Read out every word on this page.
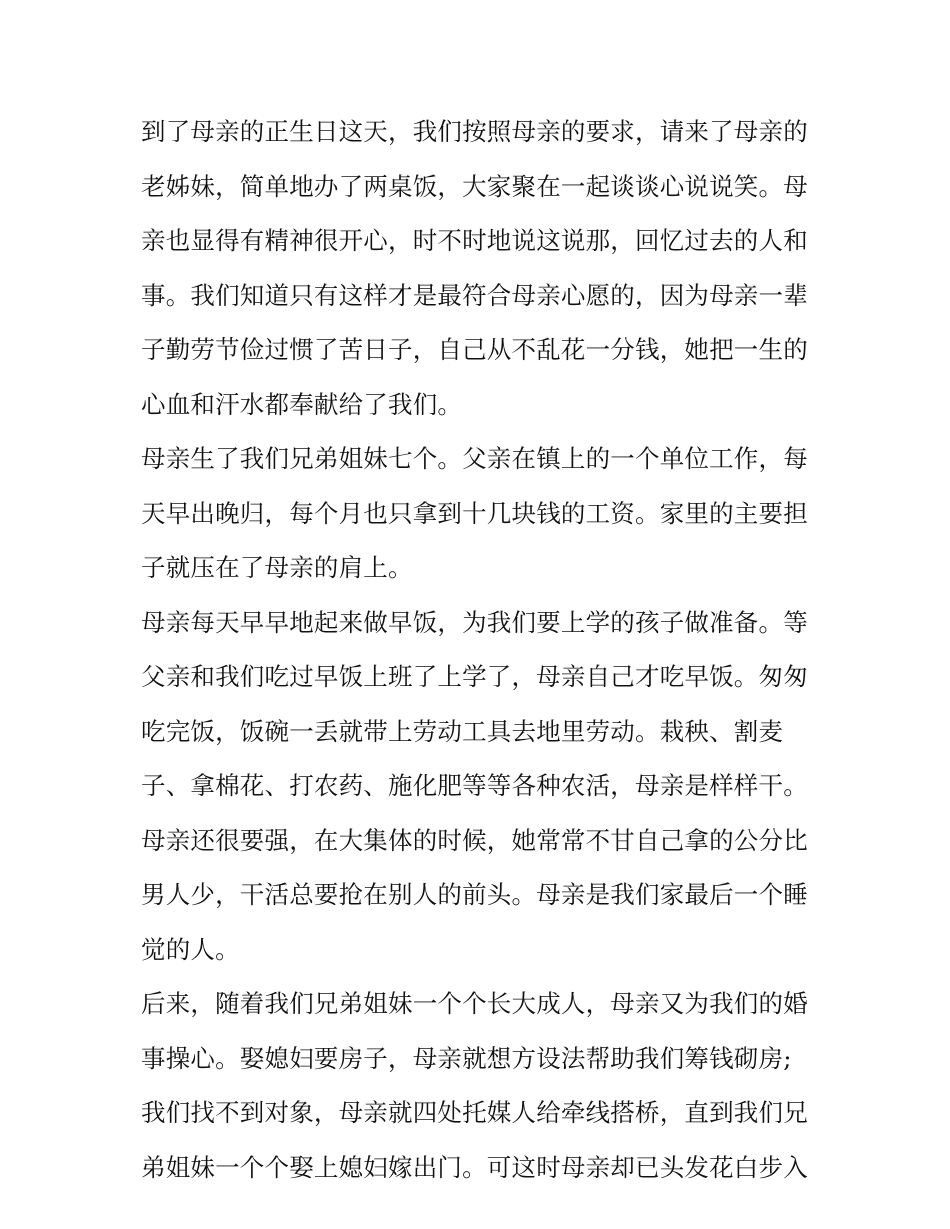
到了母亲的正生日这天，我们按照母亲的要求，请来了母亲的
老姊妹，简单地办了两桌饭，大家聚在一起谈谈心说说笑。母
亲也显得有精神很开心，时不时地说这说那，回忆过去的人和
事。我们知道只有这样才是最符合母亲心愿的，因为母亲一辈
子勤劳节俭过惯了苦日子，自己从不乱花一分钱，她把一生的
心血和汗水都奉献给了我们。
母亲生了我们兄弟姐妹七个。父亲在镇上的一个单位工作，每
天早出晚归，每个月也只拿到十几块钱的工资。家里的主要担
子就压在了母亲的肩上。
母亲每天早早地起来做早饭，为我们要上学的孩子做准备。等
父亲和我们吃过早饭上班了上学了，母亲自己才吃早饭。匆匆
吃完饭，饭碗一丢就带上劳动工具去地里劳动。栽秧、割麦
子、拿棉花、打农药、施化肥等等各种农活，母亲是样样干。
母亲还很要强，在大集体的时候，她常常不甘自己拿的公分比
男人少，干活总要抢在别人的前头。母亲是我们家最后一个睡
觉的人。
后来，随着我们兄弟姐妹一个个长大成人，母亲又为我们的婚
事操心。娶媳妇要房子，母亲就想方设法帮助我们筹钱砌房;
我们找不到对象，母亲就四处托媒人给牵线搭桥，直到我们兄
弟姐妹一个个娶上媳妇嫁出门。可这时母亲却已头发花白步入
